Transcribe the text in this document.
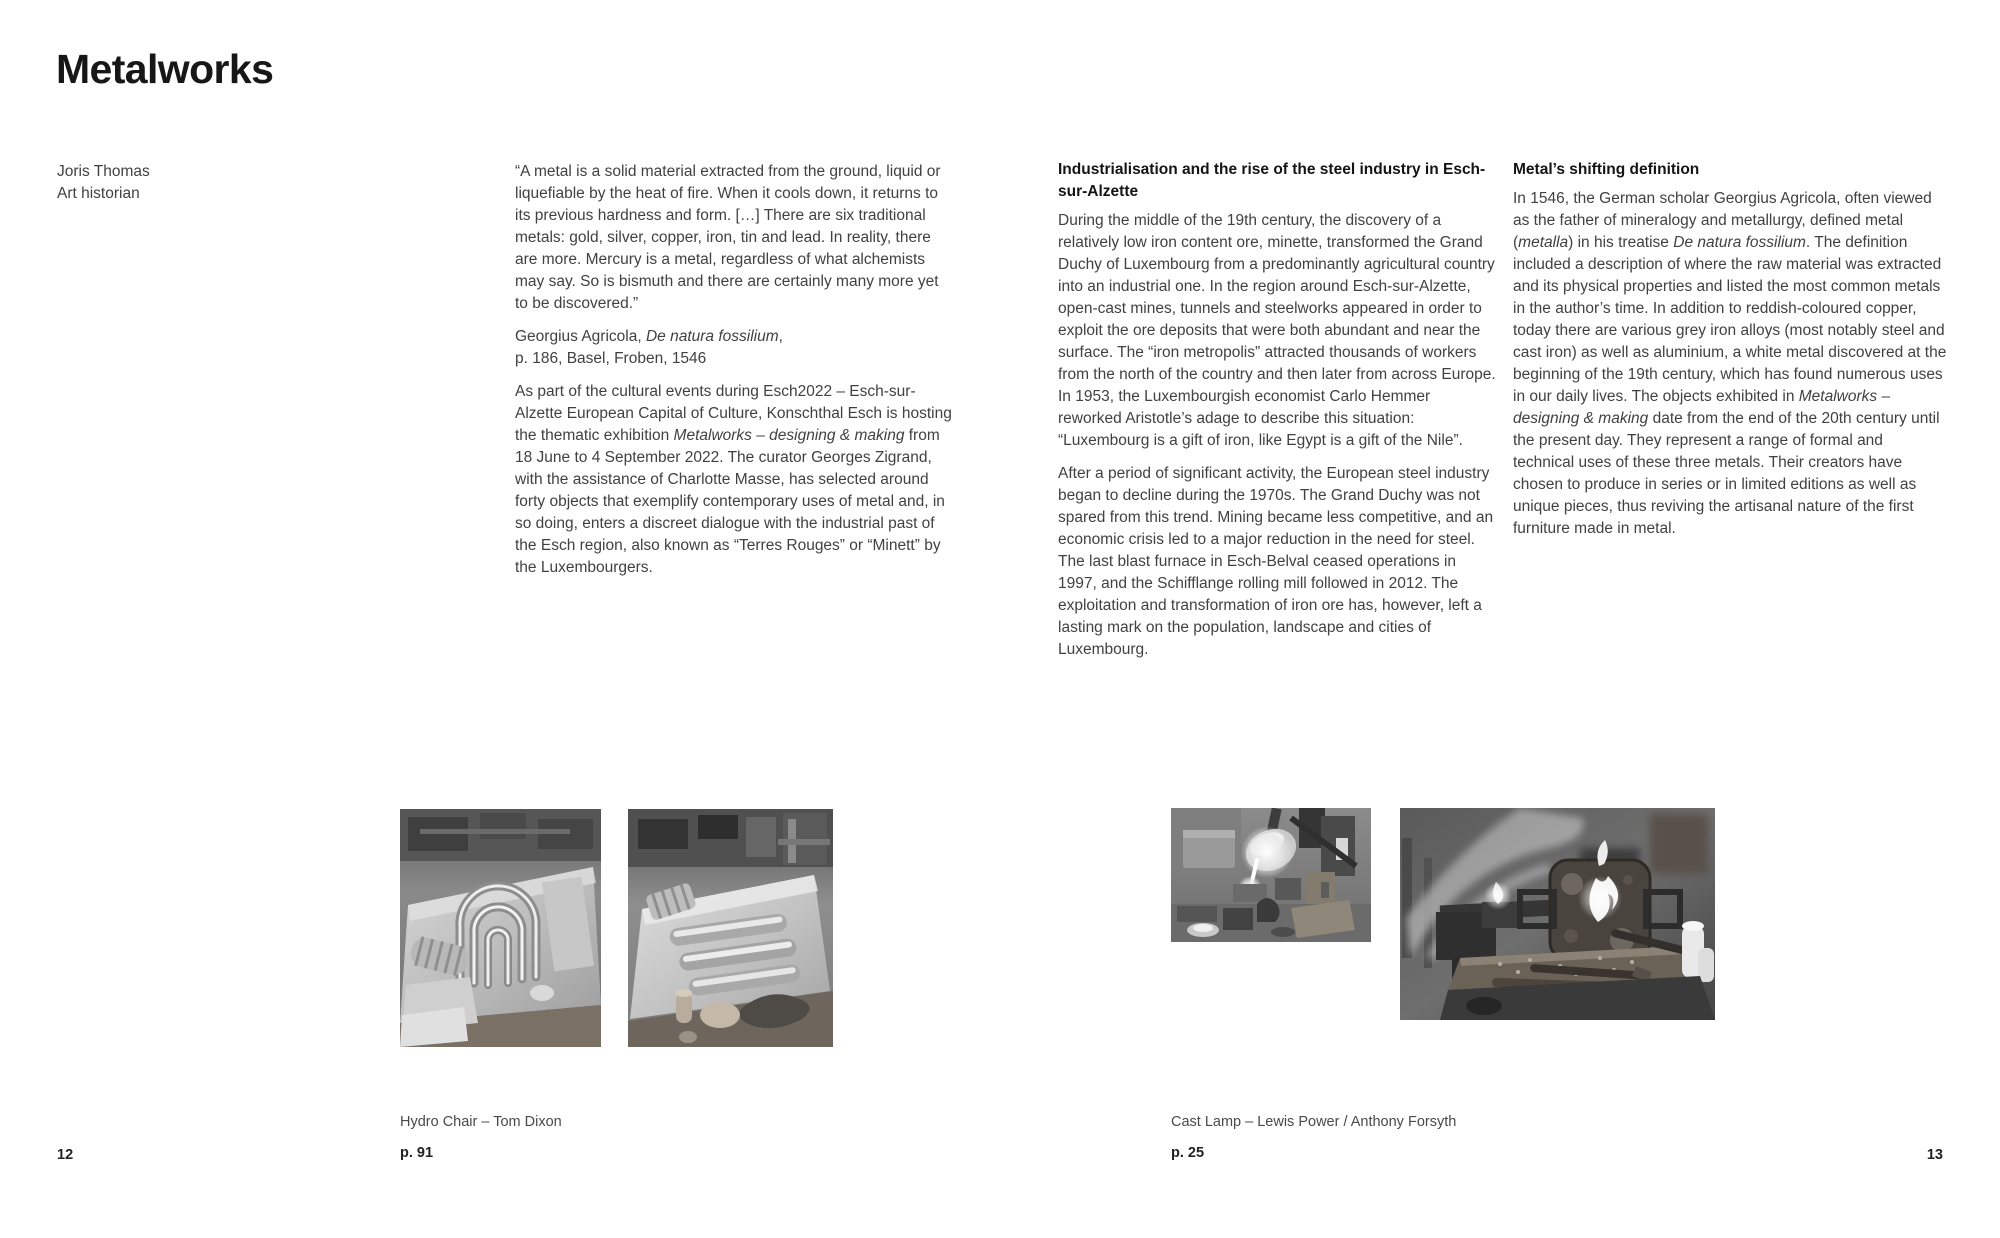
Metalworks
Joris Thomas
Art historian

“A metal is a solid material extracted from the ground, liquid or liquefiable by the heat of fire. When it cools down, it returns to its previous hardness and form. […] There are six traditional metals: gold, silver, copper, iron, tin and lead. In reality, there are more. Mercury is a metal, regardless of what alchemists may say. So is bismuth and there are certainly many more yet to be discovered.”

Georgius Agricola, De natura fossilium,
p. 186, Basel, Froben, 1546

As part of the cultural events during Esch2022 – Esch-sur-Alzette European Capital of Culture, Konschthal Esch is hosting the thematic exhibition Metalworks – designing & making from 18 June to 4 September 2022. The curator Georges Zigrand, with the assistance of Charlotte Masse, has selected around forty objects that exemplify contemporary uses of metal and, in so doing, enters a discreet dialogue with the industrial past of the Esch region, also known as “Terres Rouges” or “Minett” by the Luxembourgers.

Industrialisation and the rise of the steel industry in Esch-sur-Alzette

During the middle of the 19th century, the discovery of a relatively low iron content ore, minette, transformed the Grand Duchy of Luxembourg from a predominantly agricultural country into an industrial one. In the region around Esch-sur-Alzette, open-cast mines, tunnels and steelworks appeared in order to exploit the ore deposits that were both abundant and near the surface. The “iron metropolis” attracted thousands of workers from the north of the country and then later from across Europe. In 1953, the Luxembourgish economist Carlo Hemmer reworked Aristotle’s adage to describe this situation: “Luxembourg is a gift of iron, like Egypt is a gift of the Nile”.

After a period of significant activity, the European steel industry began to decline during the 1970s. The Grand Duchy was not spared from this trend. Mining became less competitive, and an economic crisis led to a major reduction in the need for steel. The last blast furnace in Esch-Belval ceased operations in 1997, and the Schifflange rolling mill followed in 2012. The exploitation and transformation of iron ore has, however, left a lasting mark on the population, landscape and cities of Luxembourg.

Metal’s shifting definition

In 1546, the German scholar Georgius Agricola, often viewed as the father of mineralogy and metallurgy, defined metal (metalla) in his treatise De natura fossilium. The definition included a description of where the raw material was extracted and its physical properties and listed the most common metals in the author’s time. In addition to reddish-coloured copper, today there are various grey iron alloys (most notably steel and cast iron) as well as aluminium, a white metal discovered at the beginning of the 19th century, which has found numerous uses in our daily lives. The objects exhibited in Metalworks – designing & making date from the end of the 20th century until the present day. They represent a range of formal and technical uses of these three metals. Their creators have chosen to produce in series or in limited editions as well as unique pieces, thus reviving the artisanal nature of the first furniture made in metal.

Hydro Chair – Tom Dixon
p. 91
Cast Lamp – Lewis Power / Anthony Forsyth
p. 25
12	13
